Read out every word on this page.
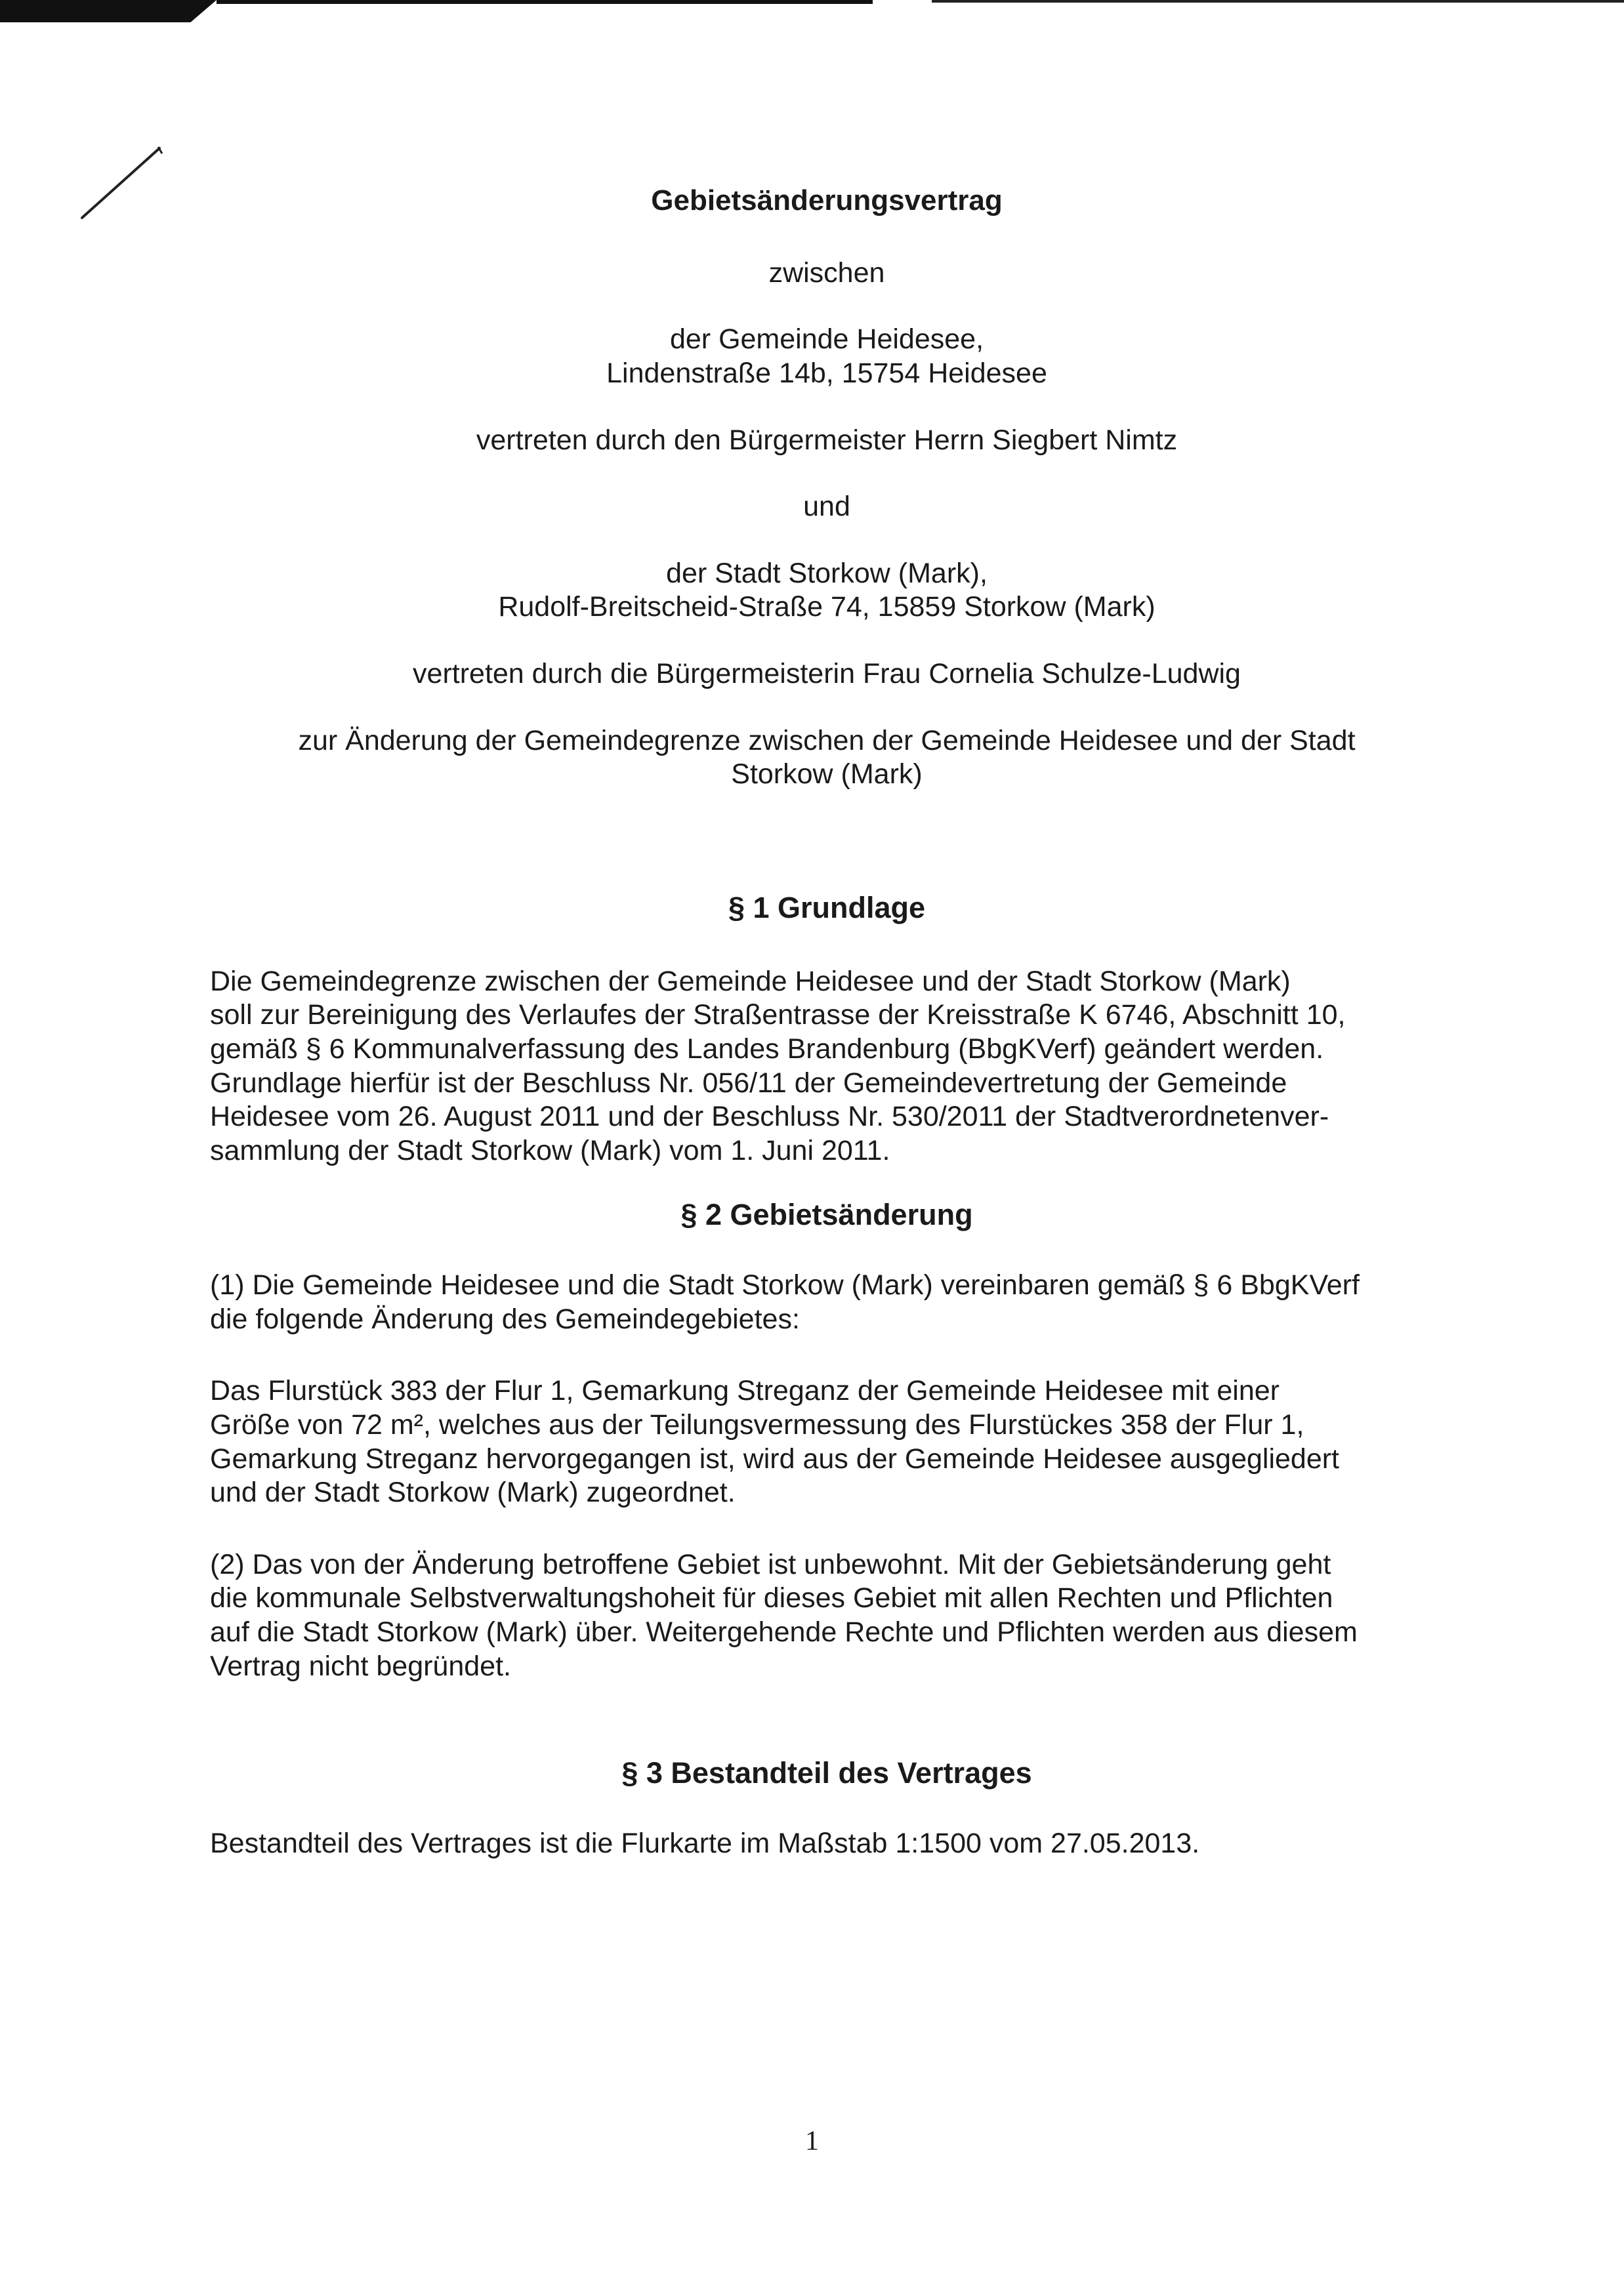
Gebietsänderungsvertrag

zwischen

der Gemeinde Heidesee,

Lindenstraße 14b, 15754 Heidesee

vertreten durch den Bürgermeister Herrn Siegbert Nimtz

und

der Stadt Storkow (Mark),

Rudolf-Breitscheid-Straße 74, 15859 Storkow (Mark)

vertreten durch die Bürgermeisterin Frau Cornelia Schulze-Ludwig

zur Änderung der Gemeindegrenze zwischen der Gemeinde Heidesee und der Stadt

Storkow (Mark)

§ 1 Grundlage

Die Gemeindegrenze zwischen der Gemeinde Heidesee und der Stadt Storkow (Mark)

soll zur Bereinigung des Verlaufes der Straßentrasse der Kreisstraße K 6746, Abschnitt 10,

gemäß § 6 Kommunalverfassung des Landes Brandenburg (BbgKVerf) geändert werden.

Grundlage hierfür ist der Beschluss Nr. 056/11 der Gemeindevertretung der Gemeinde

Heidesee vom 26. August 2011 und der Beschluss Nr. 530/2011 der Stadtverordnetenver-

sammlung der Stadt Storkow (Mark) vom 1. Juni 2011.

§ 2 Gebietsänderung

(1) Die Gemeinde Heidesee und die Stadt Storkow (Mark) vereinbaren gemäß § 6 BbgKVerf

die folgende Änderung des Gemeindegebietes:

Das Flurstück 383 der Flur 1, Gemarkung Streganz der Gemeinde Heidesee mit einer

Größe von 72 m², welches aus der Teilungsvermessung des Flurstückes 358 der Flur 1,

Gemarkung Streganz hervorgegangen ist, wird aus der Gemeinde Heidesee ausgegliedert

und der Stadt Storkow (Mark) zugeordnet.

(2) Das von der Änderung betroffene Gebiet ist unbewohnt. Mit der Gebietsänderung geht

die kommunale Selbstverwaltungshoheit für dieses Gebiet mit allen Rechten und Pflichten

auf die Stadt Storkow (Mark) über. Weitergehende Rechte und Pflichten werden aus diesem

Vertrag nicht begründet.

§ 3 Bestandteil des Vertrages

Bestandteil des Vertrages ist die Flurkarte im Maßstab 1:1500 vom 27.05.2013.

1
